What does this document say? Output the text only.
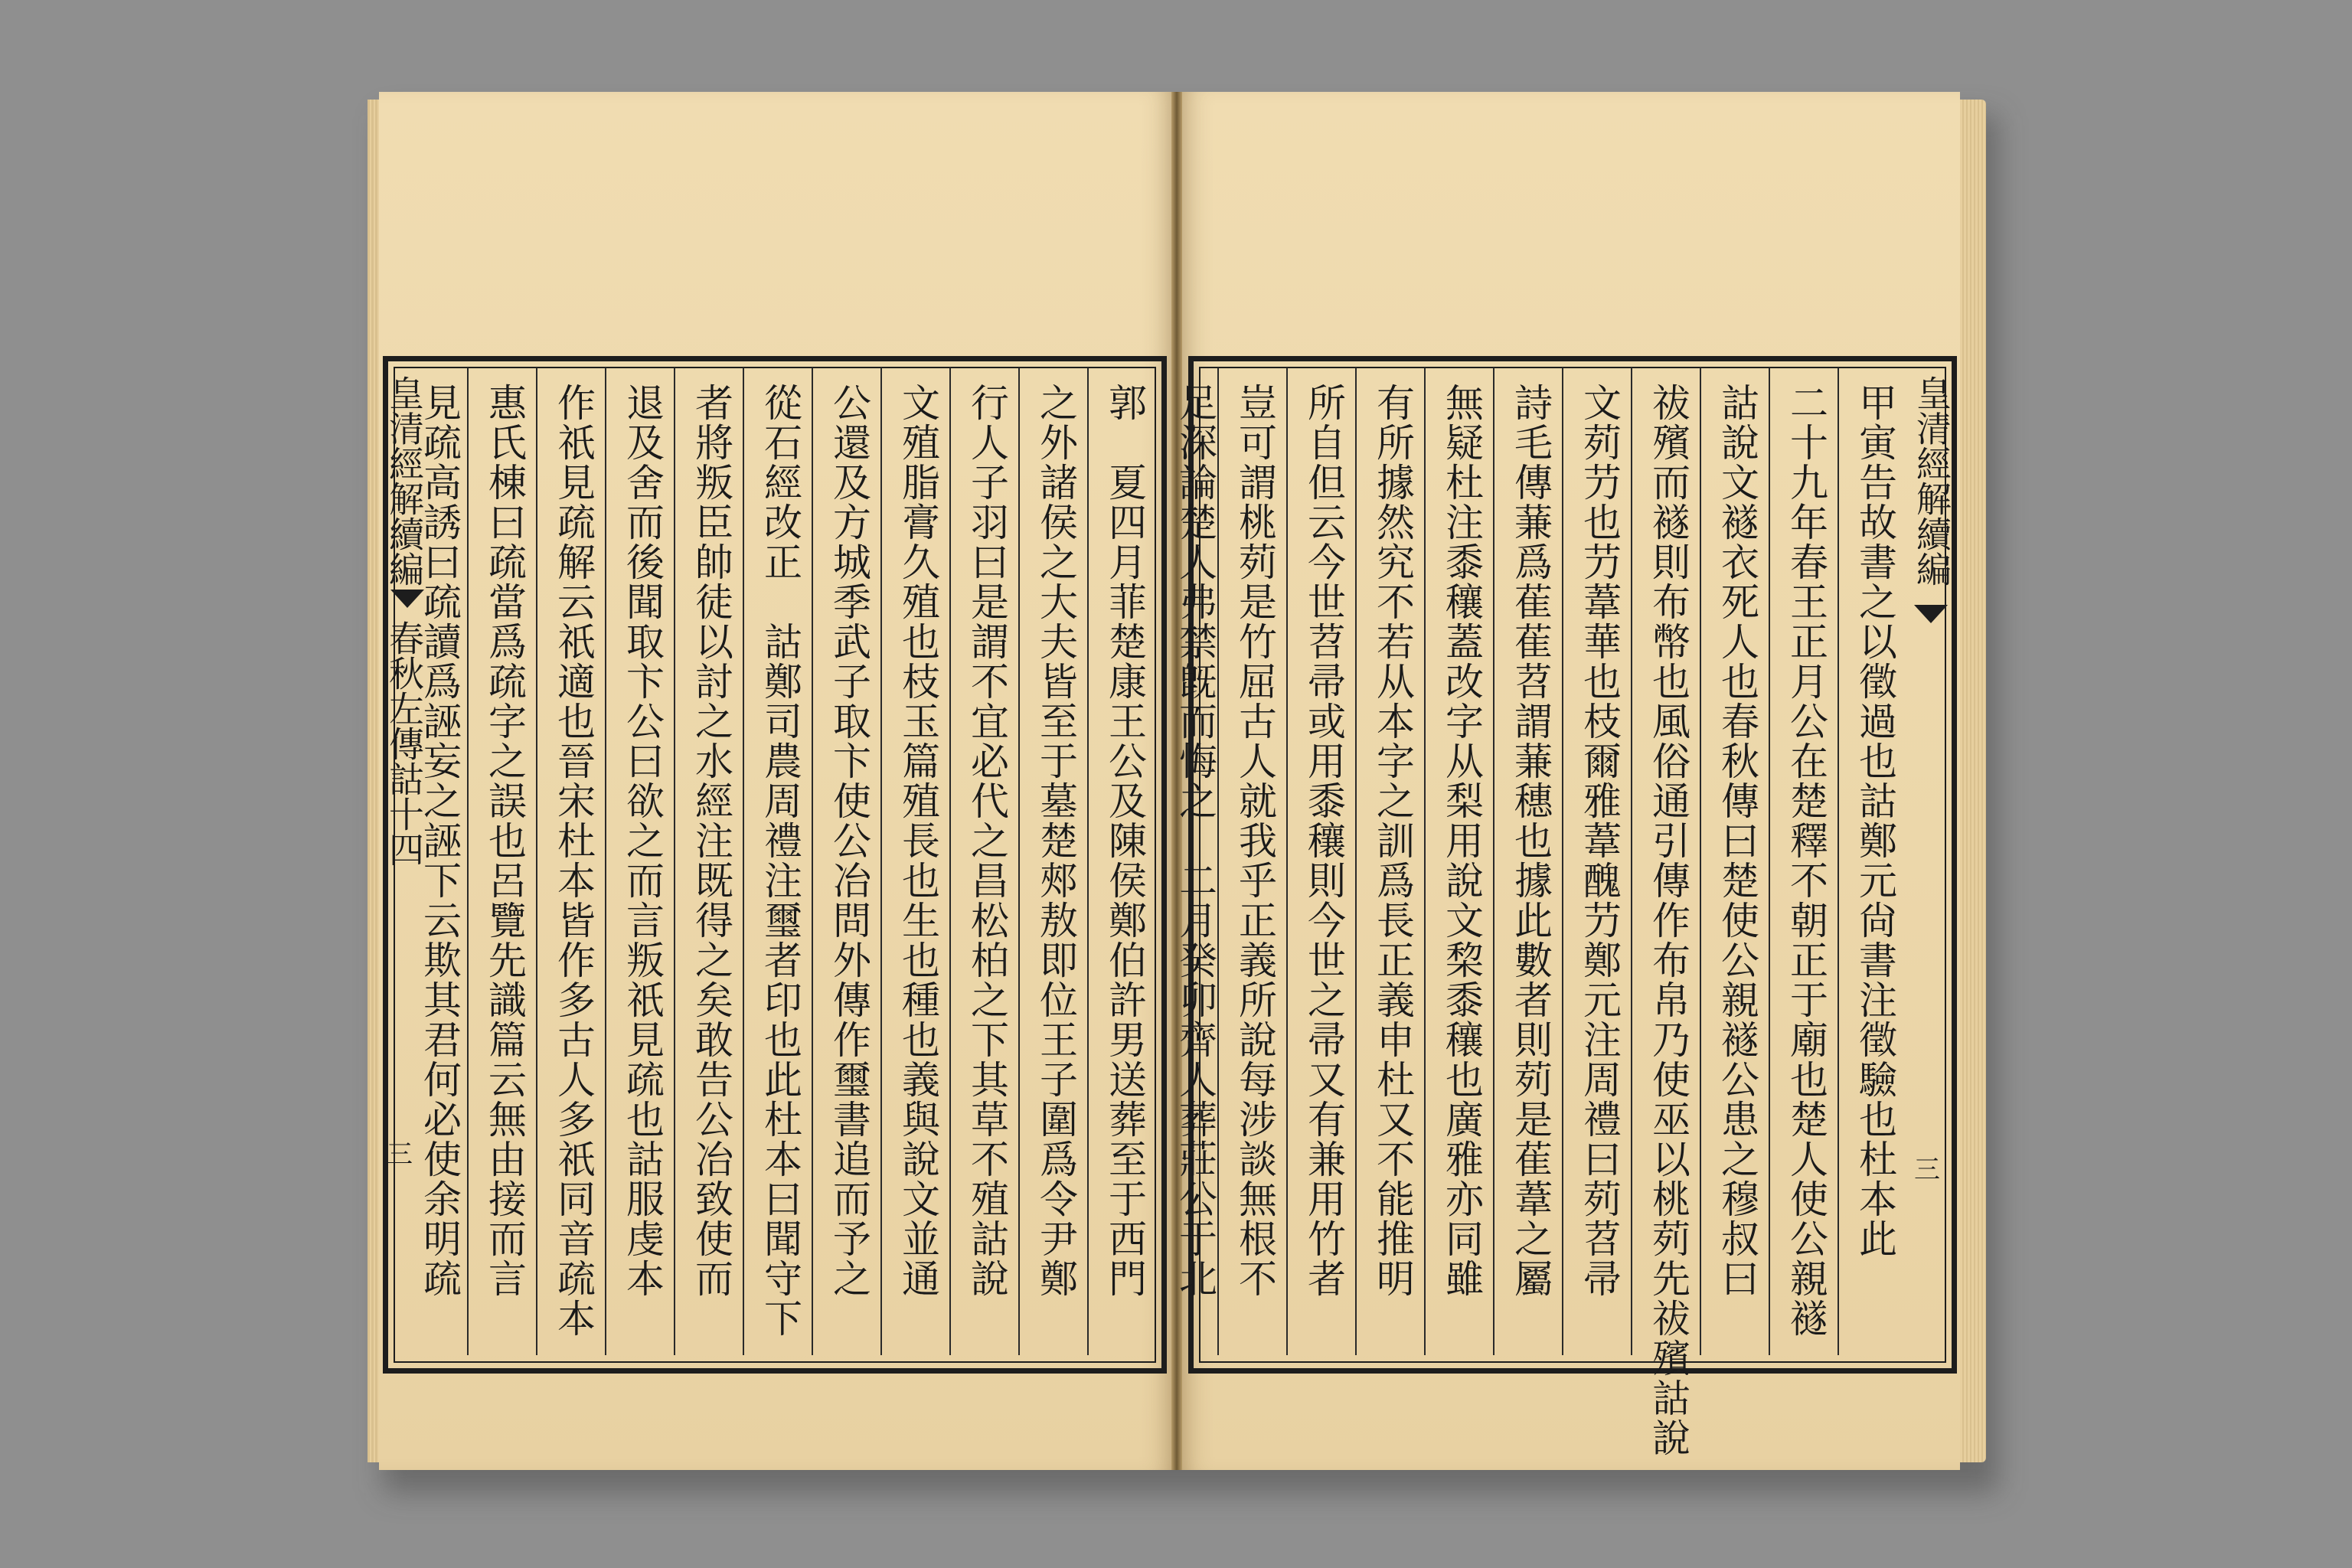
皇清經解續編
春秋左傳詁十四
三
皇清經解續編
三
郭　夏四月菲楚康王公及陳侯鄭伯許男送葬至于西門
之外諸侯之大夫皆至于墓楚郟敖即位王子圍爲令尹鄭
行人子羽曰是謂不宜必代之昌松柏之下其草不殖詁說
文殖脂膏久殖也枝玉篇殖長也生也種也義與說文並通
公還及方城季武子取卞使公冶問外傳作璽書追而予之
從石經改正　詁鄭司農周禮注璽者印也此杜本曰聞守下
者將叛臣帥徒以討之水經注既得之矣敢告公冶致使而
退及舍而後聞取卞公曰欲之而言叛祇見疏也詁服虔本
作祇見疏解云祇適也晉宋杜本皆作多古人多祇同音疏本
惠氏棟曰疏當爲疏字之誤也呂覽先識篇云無由接而言
見疏高誘曰疏讀爲誣妄之誣下云欺其君何必使余明疏	甲寅告故書之以徵過也詁鄭元尙書注徵驗也杜本此
二十九年春王正月公在楚釋不朝正于廟也楚人使公親襚
詁說文襚衣死人也春秋傳曰楚使公親襚公患之穆叔曰
祓殯而襚則布幣也風俗通引傳作布帛乃使巫以桃茢先祓殯詁說
文茢芀也芀葦華也枝爾雅葦醜芀鄭元注周禮曰茢苕帚
詩毛傳蒹爲萑萑苕謂蒹穗也據此數者則茢是萑葦之屬
無疑杜注黍穰蓋改字从梨用說文棃黍穰也廣雅亦同雖
有所據然究不若从本字之訓爲長正義申杜又不能推明
所自但云今世苕帚或用黍穰則今世之帚又有兼用竹者
豈可謂桃茢是竹屈古人就我乎正義所說每涉談無根不
足深論楚人弗禁旣而悔之　二月癸卯齊人葬莊公于北
